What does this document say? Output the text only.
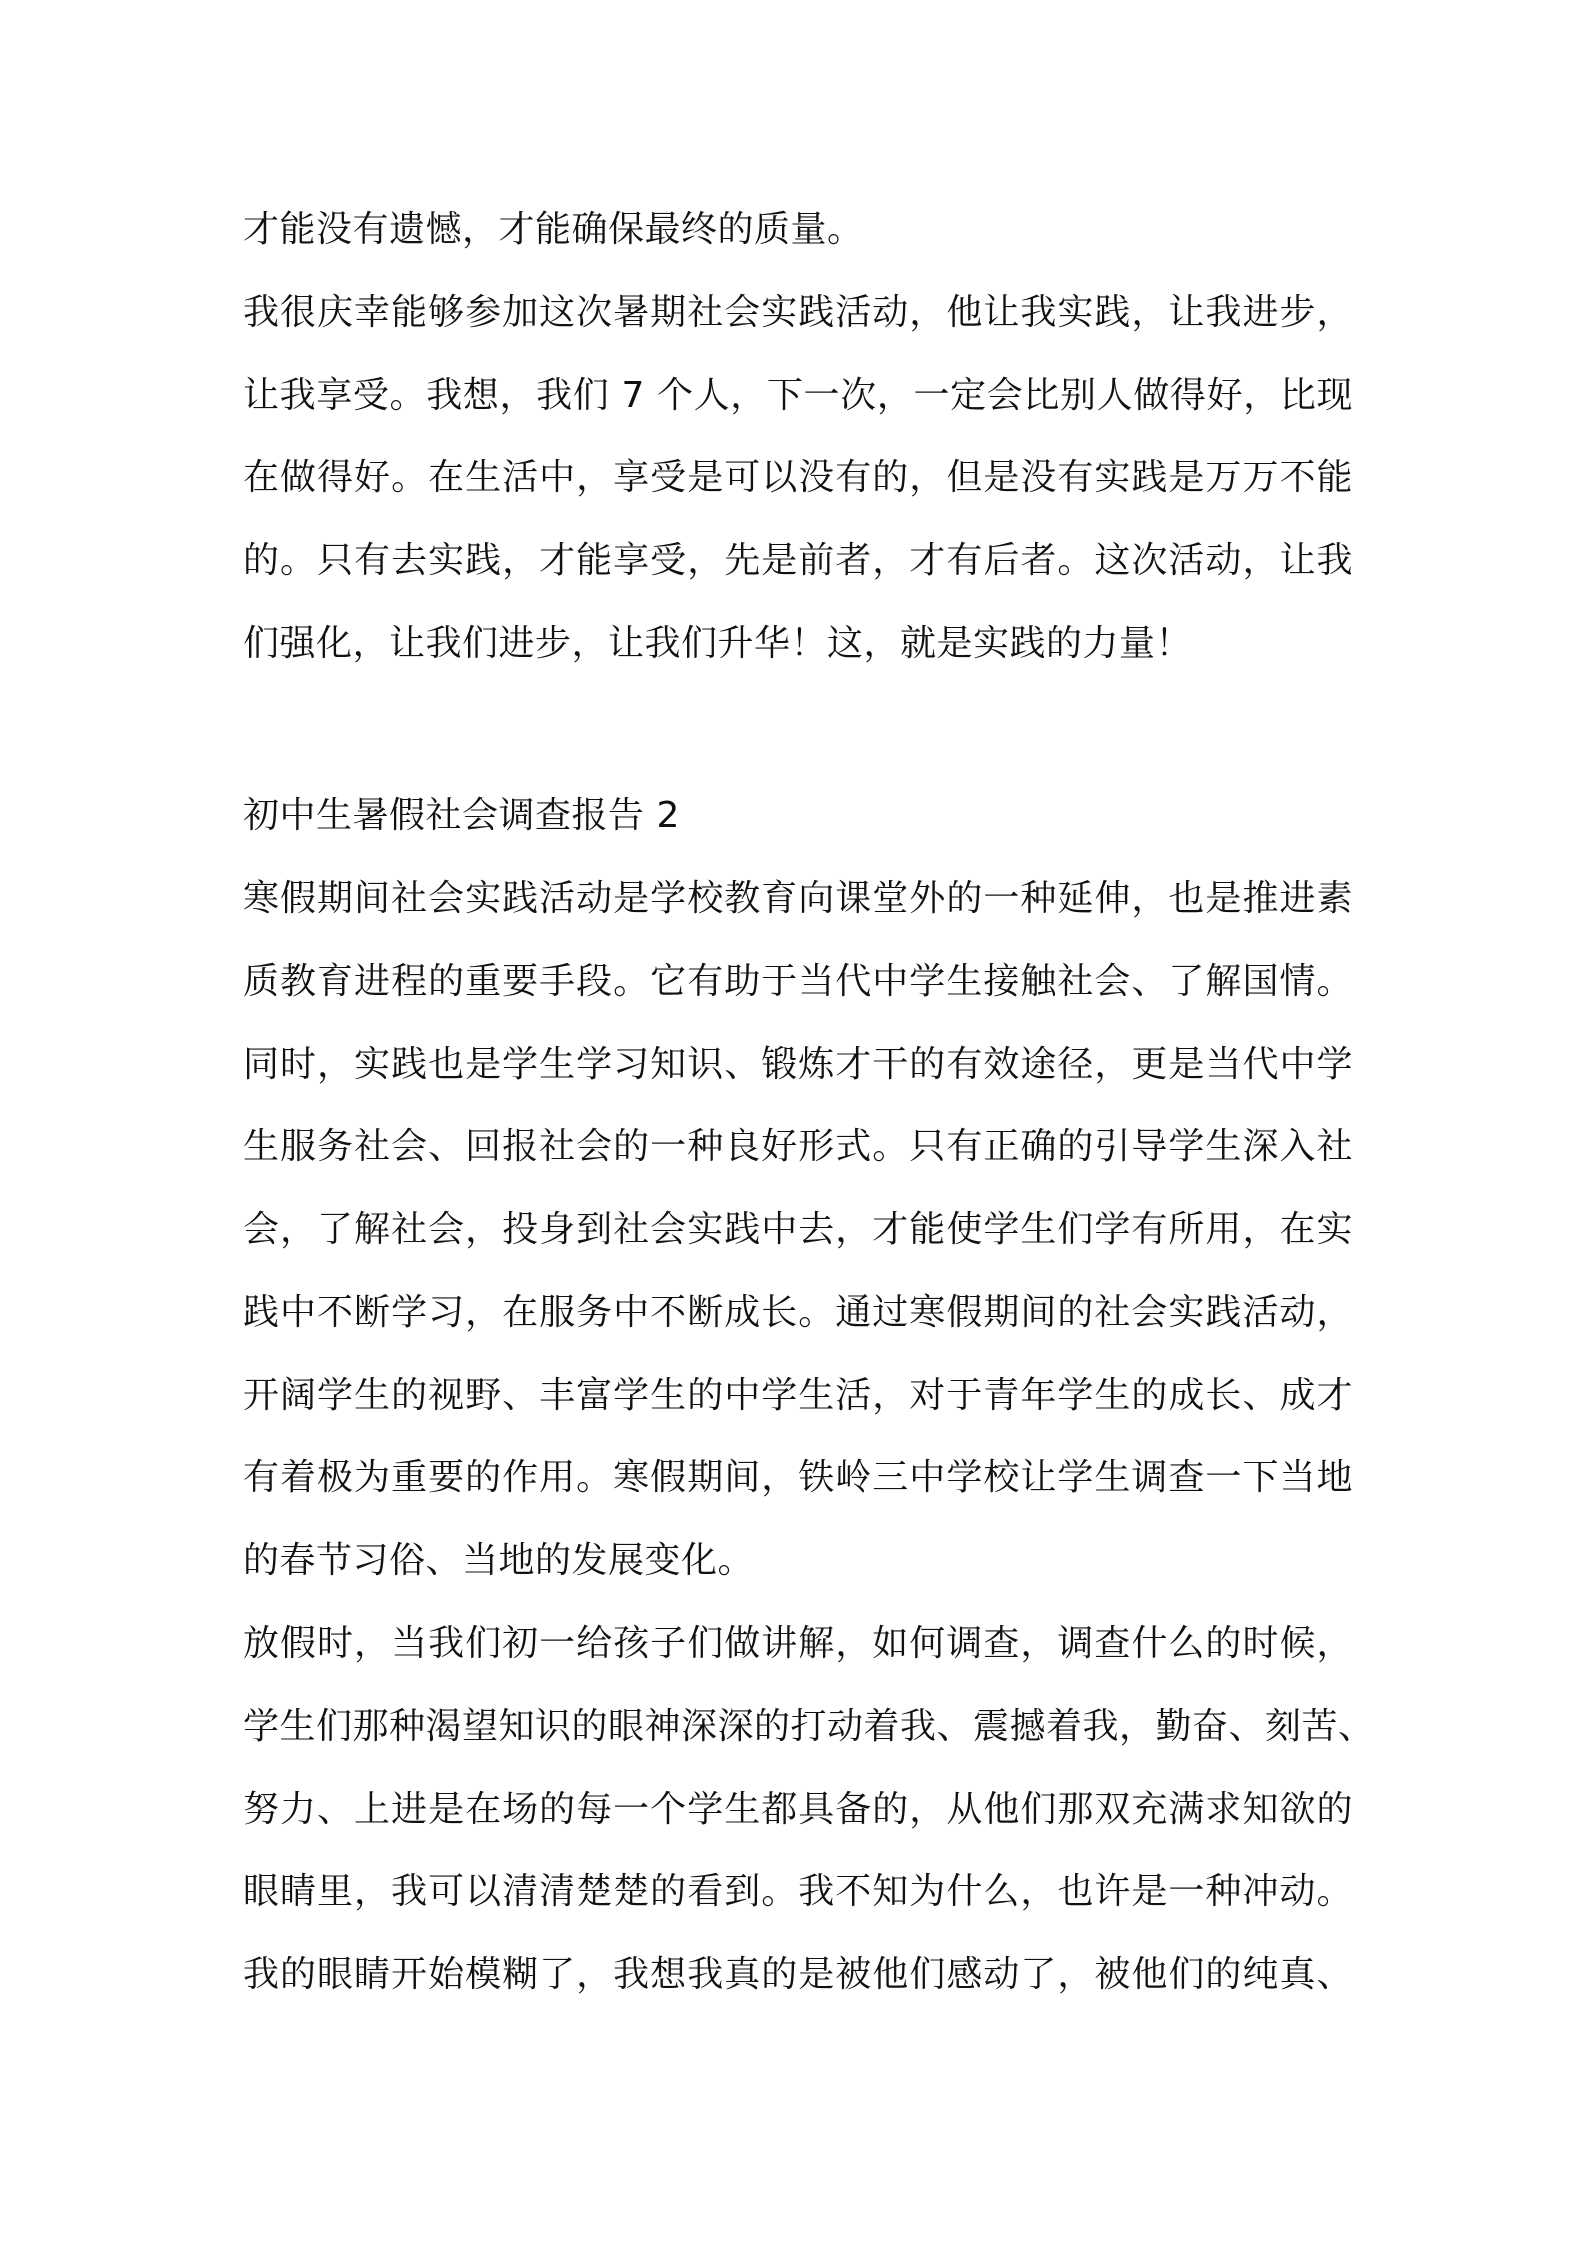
才能没有遗憾，才能确保最终的质量。
我很庆幸能够参加这次暑期社会实践活动，他让我实践，让我进步，
让我享受。我想，我们 7 个人，下一次，一定会比别人做得好，比现
在做得好。在生活中，享受是可以没有的，但是没有实践是万万不能
的。只有去实践，才能享受，先是前者，才有后者。这次活动，让我
们强化，让我们进步，让我们升华！这，就是实践的力量！
初中生暑假社会调查报告 2
寒假期间社会实践活动是学校教育向课堂外的一种延伸，也是推进素
质教育进程的重要手段。它有助于当代中学生接触社会、了解国情。
同时，实践也是学生学习知识、锻炼才干的有效途径，更是当代中学
生服务社会、回报社会的一种良好形式。只有正确的引导学生深入社
会，了解社会，投身到社会实践中去，才能使学生们学有所用，在实
践中不断学习，在服务中不断成长。通过寒假期间的社会实践活动，
开阔学生的视野、丰富学生的中学生活，对于青年学生的成长、成才
有着极为重要的作用。寒假期间，铁岭三中学校让学生调查一下当地
的春节习俗、当地的发展变化。
放假时，当我们初一给孩子们做讲解，如何调查，调查什么的时候，
学生们那种渴望知识的眼神深深的打动着我、震撼着我，勤奋、刻苦、
努力、上进是在场的每一个学生都具备的，从他们那双充满求知欲的
眼睛里，我可以清清楚楚的看到。我不知为什么，也许是一种冲动。
我的眼睛开始模糊了，我想我真的是被他们感动了，被他们的纯真、
